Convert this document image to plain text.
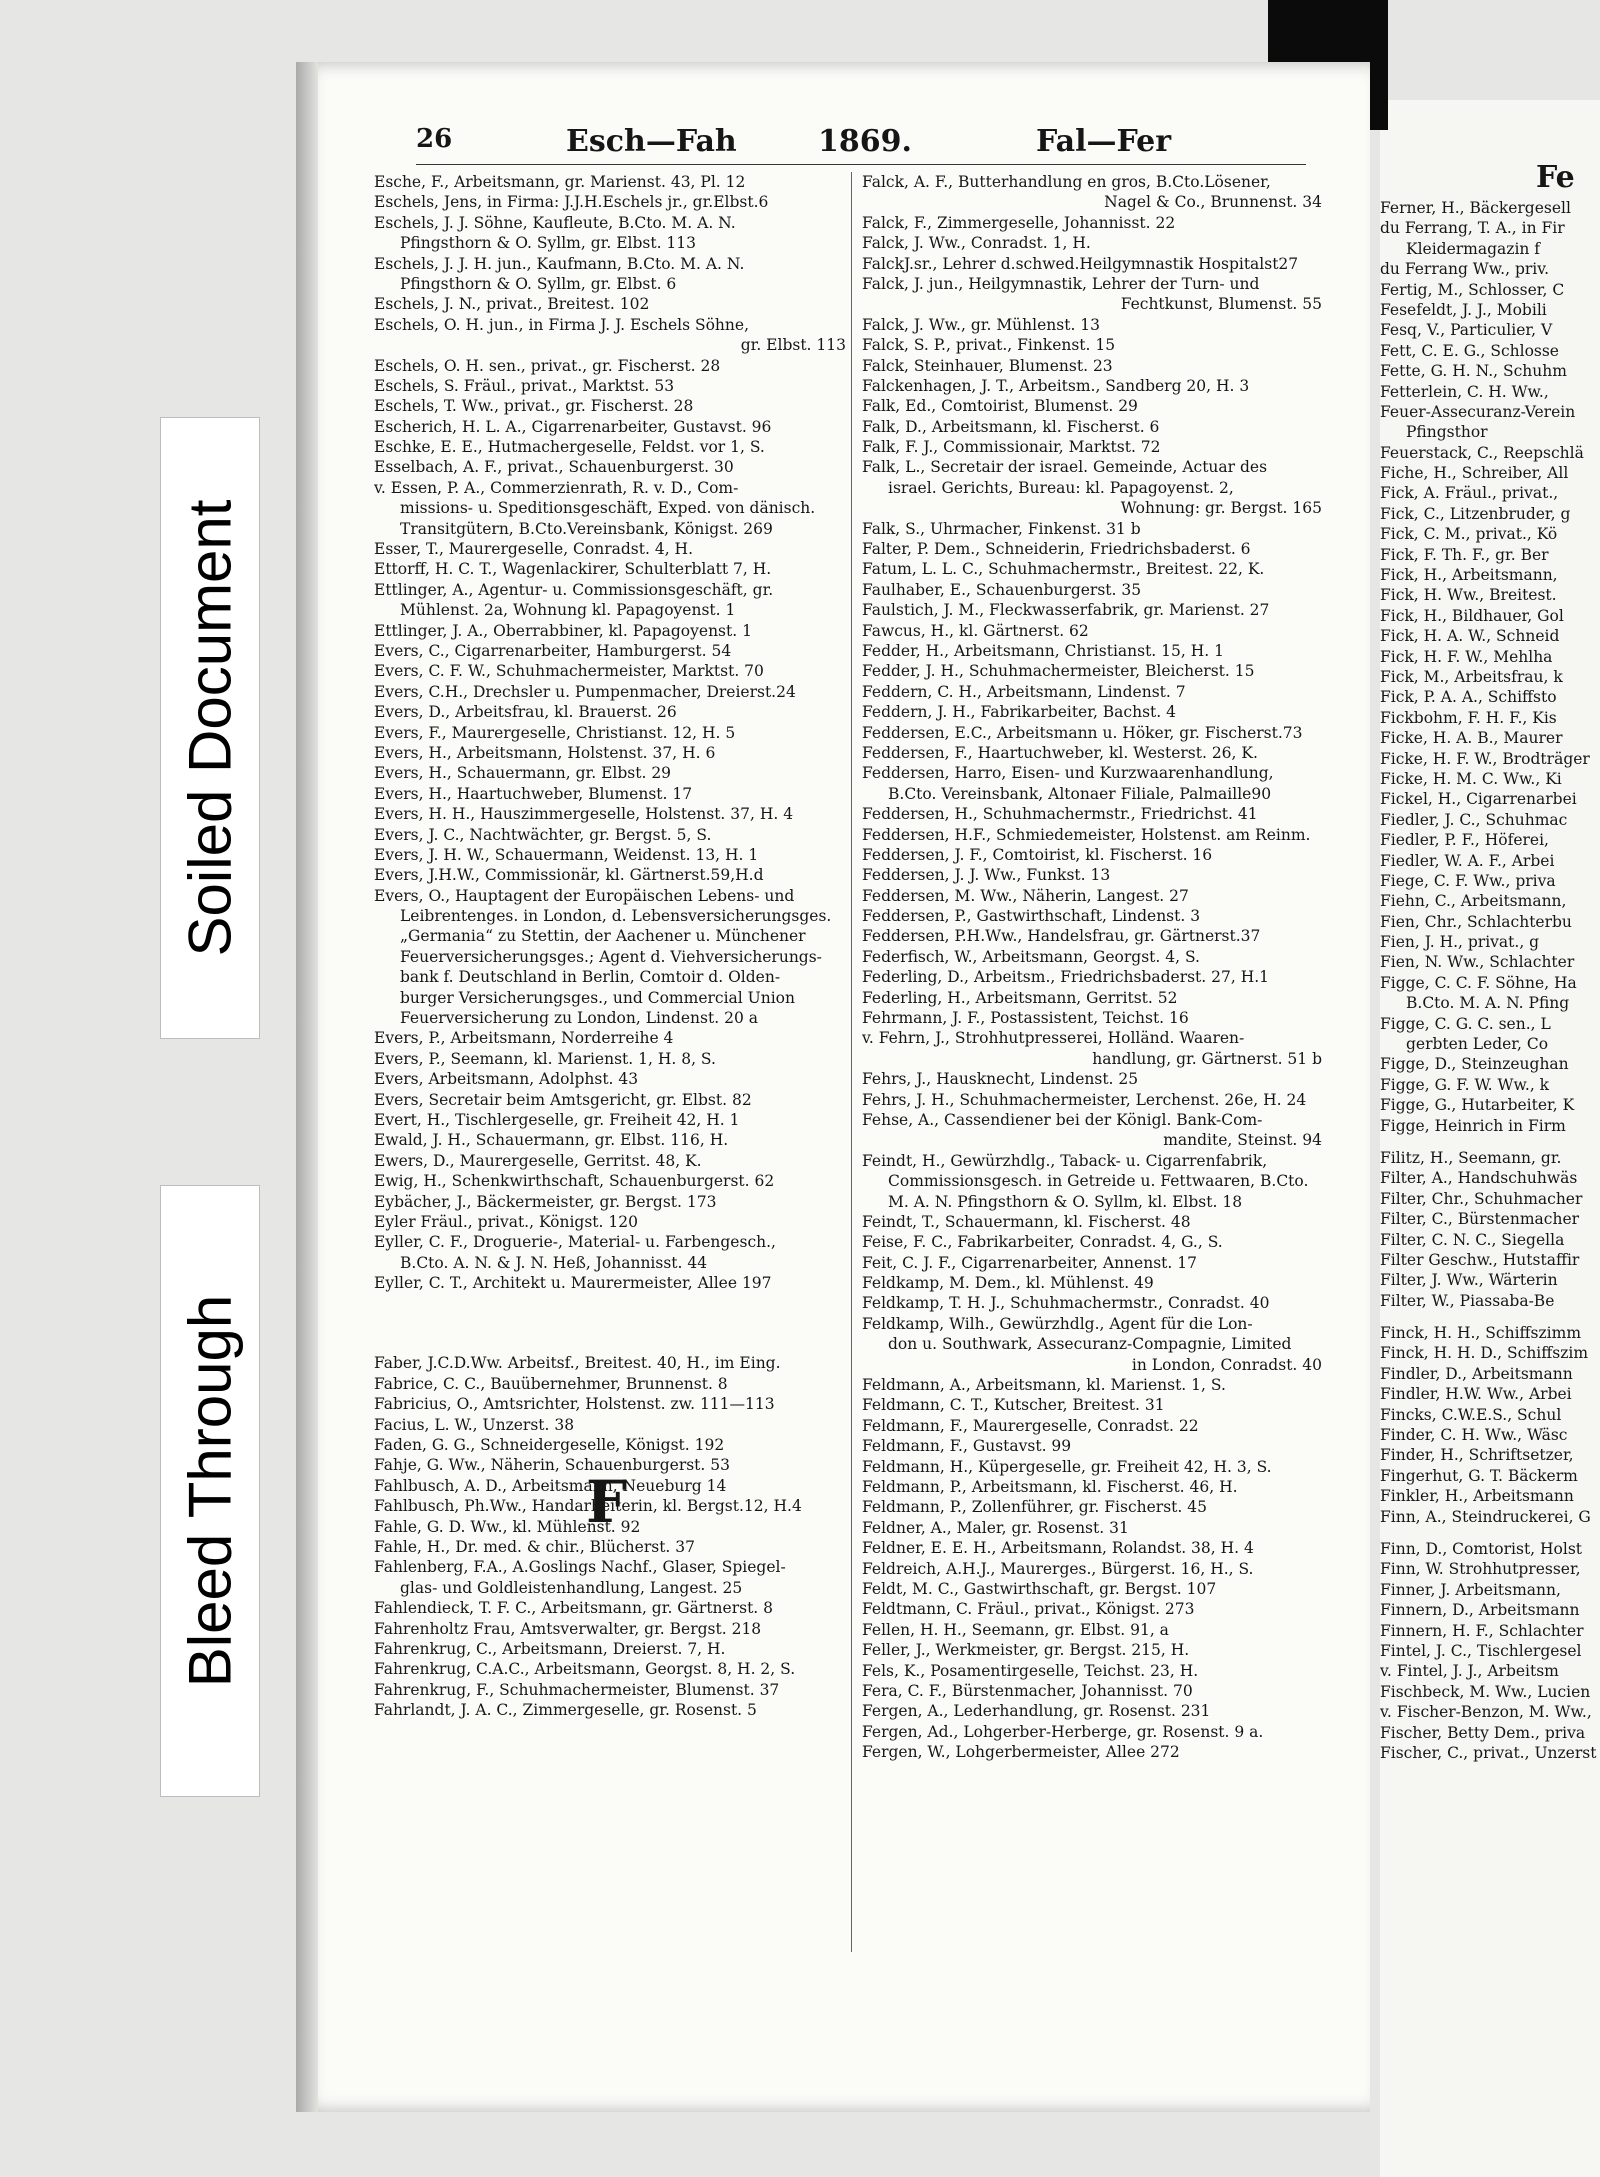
Fe
Ferner, H., Bäckergesell
du Ferrang, T. A., in Fir
Kleidermagazin f
du Ferrang Ww., priv.
Fertig, M., Schlosser, C
Fesefeldt, J. J., Mobili
Fesq, V., Particulier, V
Fett, C. E. G., Schlosse
Fette, G. H. N., Schuhm
Fetterlein, C. H. Ww.,
Feuer-Assecuranz-Verein
Pfingsthor
Feuerstack, C., Reepschlä
Fiche, H., Schreiber, All
Fick, A. Fräul., privat.,
Fick, C., Litzenbruder, g
Fick, C. M., privat., Kö
Fick, F. Th. F., gr. Ber
Fick, H., Arbeitsmann,
Fick, H. Ww., Breitest.
Fick, H., Bildhauer, Gol
Fick, H. A. W., Schneid
Fick, H. F. W., Mehlha
Fick, M., Arbeitsfrau, k
Fick, P. A. A., Schiffsto
Fickbohm, F. H. F., Kis
Ficke, H. A. B., Maurer
Ficke, H. F. W., Brodträger
Ficke, H. M. C. Ww., Ki
Fickel, H., Cigarrenarbei
Fiedler, J. C., Schuhmac
Fiedler, P. F., Höferei,
Fiedler, W. A. F., Arbei
Fiege, C. F. Ww., priva
Fiehn, C., Arbeitsmann,
Fien, Chr., Schlachterbu
Fien, J. H., privat., g
Fien, N. Ww., Schlachter
Figge, C. C. F. Söhne, Ha
B.Cto. M. A. N. Pfing
Figge, C. G. C. sen., L
gerbten Leder, Co
Figge, D., Steinzeughan
Figge, G. F. W. Ww., k
Figge, G., Hutarbeiter, K
Figge, Heinrich in Firm
Filitz, H., Seemann, gr.
Filter, A., Handschuhwäs
Filter, Chr., Schuhmacher
Filter, C., Bürstenmacher
Filter, C. N. C., Siegella
Filter Geschw., Hutstaffir
Filter, J. Ww., Wärterin
Filter, W., Piassaba-Be
Finck, H. H., Schiffszimm
Finck, H. H. D., Schiffszim
Findler, D., Arbeitsmann
Findler, H.W. Ww., Arbei
Fincks, C.W.E.S., Schul
Finder, C. H. Ww., Wäsc
Finder, H., Schriftsetzer,
Fingerhut, G. T. Bäckerm
Finkler, H., Arbeitsmann
Finn, A., Steindruckerei, G
Finn, D., Comtorist, Holst
Finn, W. Strohhutpresser,
Finner, J. Arbeitsmann,
Finnern, D., Arbeitsmann
Finnern, H. F., Schlachter
Fintel, J. C., Tischlergesel
v. Fintel, J. J., Arbeitsm
Fischbeck, M. Ww., Lucien
v. Fischer-Benzon, M. Ww.,
Fischer, Betty Dem., priva
Fischer, C., privat., Unzerst
Soiled Document
Bleed Through
26	Esch—Fah	1869.	Fal—Fer
Esche, F., Arbeitsmann, gr. Marienst. 43, Pl. 12
Eschels, Jens, in Firma: J.J.H.Eschels jr., gr.Elbst.6
Eschels, J. J. Söhne, Kaufleute, B.Cto. M. A. N.
Pfingsthorn & O. Syllm, gr. Elbst. 113
Eschels, J. J. H. jun., Kaufmann, B.Cto. M. A. N.
Pfingsthorn & O. Syllm, gr. Elbst. 6
Eschels, J. N., privat., Breitest. 102
Eschels, O. H. jun., in Firma J. J. Eschels Söhne,
gr. Elbst. 113
Eschels, O. H. sen., privat., gr. Fischerst. 28
Eschels, S. Fräul., privat., Marktst. 53
Eschels, T. Ww., privat., gr. Fischerst. 28
Escherich, H. L. A., Cigarrenarbeiter, Gustavst. 96
Eschke, E. E., Hutmachergeselle, Feldst. vor 1, S.
Esselbach, A. F., privat., Schauenburgerst. 30
v. Essen, P. A., Commerzienrath, R. v. D., Com-
missions- u. Speditionsgeschäft, Exped. von dänisch.
Transitgütern, B.Cto.Vereinsbank, Königst. 269
Esser, T., Maurergeselle, Conradst. 4, H.
Ettorff, H. C. T., Wagenlackirer, Schulterblatt 7, H.
Ettlinger, A., Agentur- u. Commissionsgeschäft, gr.
Mühlenst. 2a, Wohnung kl. Papagoyenst. 1
Ettlinger, J. A., Oberrabbiner, kl. Papagoyenst. 1
Evers, C., Cigarrenarbeiter, Hamburgerst. 54
Evers, C. F. W., Schuhmachermeister, Marktst. 70
Evers, C.H., Drechsler u. Pumpenmacher, Dreierst.24
Evers, D., Arbeitsfrau, kl. Brauerst. 26
Evers, F., Maurergeselle, Christianst. 12, H. 5
Evers, H., Arbeitsmann, Holstenst. 37, H. 6
Evers, H., Schauermann, gr. Elbst. 29
Evers, H., Haartuchweber, Blumenst. 17
Evers, H. H., Hauszimmergeselle, Holstenst. 37, H. 4
Evers, J. C., Nachtwächter, gr. Bergst. 5, S.
Evers, J. H. W., Schauermann, Weidenst. 13, H. 1
Evers, J.H.W., Commissionär, kl. Gärtnerst.59,H.d
Evers, O., Hauptagent der Europäischen Lebens- und
Leibrentenges. in London, d. Lebensversicherungsges.
„Germania“ zu Stettin, der Aachener u. Münchener
Feuerversicherungsges.; Agent d. Viehversicherungs-
bank f. Deutschland in Berlin, Comtoir d. Olden-
burger Versicherungsges., und Commercial Union
Feuerversicherung zu London, Lindenst. 20 a
Evers, P., Arbeitsmann, Norderreihe 4
Evers, P., Seemann, kl. Marienst. 1, H. 8, S.
Evers, Arbeitsmann, Adolphst. 43
Evers, Secretair beim Amtsgericht, gr. Elbst. 82
Evert, H., Tischlergeselle, gr. Freiheit 42, H. 1
Ewald, J. H., Schauermann, gr. Elbst. 116, H.
Ewers, D., Maurergeselle, Gerritst. 48, K.
Ewig, H., Schenkwirthschaft, Schauenburgerst. 62
Eybächer, J., Bäckermeister, gr. Bergst. 173
Eyler Fräul., privat., Königst. 120
Eyller, C. F., Droguerie-, Material- u. Farbengesch.,
B.Cto. A. N. & J. N. Heß, Johannisst. 44
Eyller, C. T., Architekt u. Maurermeister, Allee 197
Faber, J.C.D.Ww. Arbeitsf., Breitest. 40, H., im Eing.
Fabrice, C. C., Bauübernehmer, Brunnenst. 8
Fabricius, O., Amtsrichter, Holstenst. zw. 111—113
Facius, L. W., Unzerst. 38
Faden, G. G., Schneidergeselle, Königst. 192
Fahje, G. Ww., Näherin, Schauenburgerst. 53
Fahlbusch, A. D., Arbeitsmann, Neueburg 14
Fahlbusch, Ph.Ww., Handarbeiterin, kl. Bergst.12, H.4
Fahle, G. D. Ww., kl. Mühlenst. 92
Fahle, H., Dr. med. & chir., Blücherst. 37
Fahlenberg, F.A., A.Goslings Nachf., Glaser, Spiegel-
glas- und Goldleistenhandlung, Langest. 25
Fahlendieck, T. F. C., Arbeitsmann, gr. Gärtnerst. 8
Fahrenholtz Frau, Amtsverwalter, gr. Bergst. 218
Fahrenkrug, C., Arbeitsmann, Dreierst. 7, H.
Fahrenkrug, C.A.C., Arbeitsmann, Georgst. 8, H. 2, S.
Fahrenkrug, F., Schuhmachermeister, Blumenst. 37
Fahrlandt, J. A. C., Zimmergeselle, gr. Rosenst. 5
Falck, A. F., Butterhandlung en gros, B.Cto.Lösener,
Nagel & Co., Brunnenst. 34
Falck, F., Zimmergeselle, Johannisst. 22
Falck, J. Ww., Conradst. 1, H.
FalckJ.sr., Lehrer d.schwed.Heilgymnastik Hospitalst27
Falck, J. jun., Heilgymnastik, Lehrer der Turn- und
Fechtkunst, Blumenst. 55
Falck, J. Ww., gr. Mühlenst. 13
Falck, S. P., privat., Finkenst. 15
Falck, Steinhauer, Blumenst. 23
Falckenhagen, J. T., Arbeitsm., Sandberg 20, H. 3
Falk, Ed., Comtoirist, Blumenst. 29
Falk, D., Arbeitsmann, kl. Fischerst. 6
Falk, F. J., Commissionair, Marktst. 72
Falk, L., Secretair der israel. Gemeinde, Actuar des
israel. Gerichts, Bureau: kl. Papagoyenst. 2,
Wohnung: gr. Bergst. 165
Falk, S., Uhrmacher, Finkenst. 31 b
Falter, P. Dem., Schneiderin, Friedrichsbaderst. 6
Fatum, L. L. C., Schuhmachermstr., Breitest. 22, K.
Faulhaber, E., Schauenburgerst. 35
Faulstich, J. M., Fleckwasserfabrik, gr. Marienst. 27
Fawcus, H., kl. Gärtnerst. 62
Fedder, H., Arbeitsmann, Christianst. 15, H. 1
Fedder, J. H., Schuhmachermeister, Bleicherst. 15
Feddern, C. H., Arbeitsmann, Lindenst. 7
Feddern, J. H., Fabrikarbeiter, Bachst. 4
Feddersen, E.C., Arbeitsmann u. Höker, gr. Fischerst.73
Feddersen, F., Haartuchweber, kl. Westerst. 26, K.
Feddersen, Harro, Eisen- und Kurzwaarenhandlung,
B.Cto. Vereinsbank, Altonaer Filiale, Palmaille90
Feddersen, H., Schuhmachermstr., Friedrichst. 41
Feddersen, H.F., Schmiedemeister, Holstenst. am Reinm.
Feddersen, J. F., Comtoirist, kl. Fischerst. 16
Feddersen, J. J. Ww., Funkst. 13
Feddersen, M. Ww., Näherin, Langest. 27
Feddersen, P., Gastwirthschaft, Lindenst. 3
Feddersen, P.H.Ww., Handelsfrau, gr. Gärtnerst.37
Federfisch, W., Arbeitsmann, Georgst. 4, S.
Federling, D., Arbeitsm., Friedrichsbaderst. 27, H.1
Federling, H., Arbeitsmann, Gerritst. 52
Fehrmann, J. F., Postassistent, Teichst. 16
v. Fehrn, J., Strohhutpresserei, Holländ. Waaren-
handlung, gr. Gärtnerst. 51 b
Fehrs, J., Hausknecht, Lindenst. 25
Fehrs, J. H., Schuhmachermeister, Lerchenst. 26e, H. 24
Fehse, A., Cassendiener bei der Königl. Bank-Com-
mandite, Steinst. 94
Feindt, H., Gewürzhdlg., Taback- u. Cigarrenfabrik,
Commissionsgesch. in Getreide u. Fettwaaren, B.Cto.
M. A. N. Pfingsthorn & O. Syllm, kl. Elbst. 18
Feindt, T., Schauermann, kl. Fischerst. 48
Feise, F. C., Fabrikarbeiter, Conradst. 4, G., S.
Feit, C. J. F., Cigarrenarbeiter, Annenst. 17
Feldkamp, M. Dem., kl. Mühlenst. 49
Feldkamp, T. H. J., Schuhmachermstr., Conradst. 40
Feldkamp, Wilh., Gewürzhdlg., Agent für die Lon-
don u. Southwark, Assecuranz-Compagnie, Limited
in London, Conradst. 40
Feldmann, A., Arbeitsmann, kl. Marienst. 1, S.
Feldmann, C. T., Kutscher, Breitest. 31
Feldmann, F., Maurergeselle, Conradst. 22
Feldmann, F., Gustavst. 99
Feldmann, H., Küpergeselle, gr. Freiheit 42, H. 3, S.
Feldmann, P., Arbeitsmann, kl. Fischerst. 46, H.
Feldmann, P., Zollenführer, gr. Fischerst. 45
Feldner, A., Maler, gr. Rosenst. 31
Feldner, E. E. H., Arbeitsmann, Rolandst. 38, H. 4
Feldreich, A.H.J., Maurerges., Bürgerst. 16, H., S.
Feldt, M. C., Gastwirthschaft, gr. Bergst. 107
Feldtmann, C. Fräul., privat., Königst. 273
Fellen, H. H., Seemann, gr. Elbst. 91, a
Feller, J., Werkmeister, gr. Bergst. 215, H.
Fels, K., Posamentirgeselle, Teichst. 23, H.
Fera, C. F., Bürstenmacher, Johannisst. 70
Fergen, A., Lederhandlung, gr. Rosenst. 231
Fergen, Ad., Lohgerber-Herberge, gr. Rosenst. 9 a.
Fergen, W., Lohgerbermeister, Allee 272
F
